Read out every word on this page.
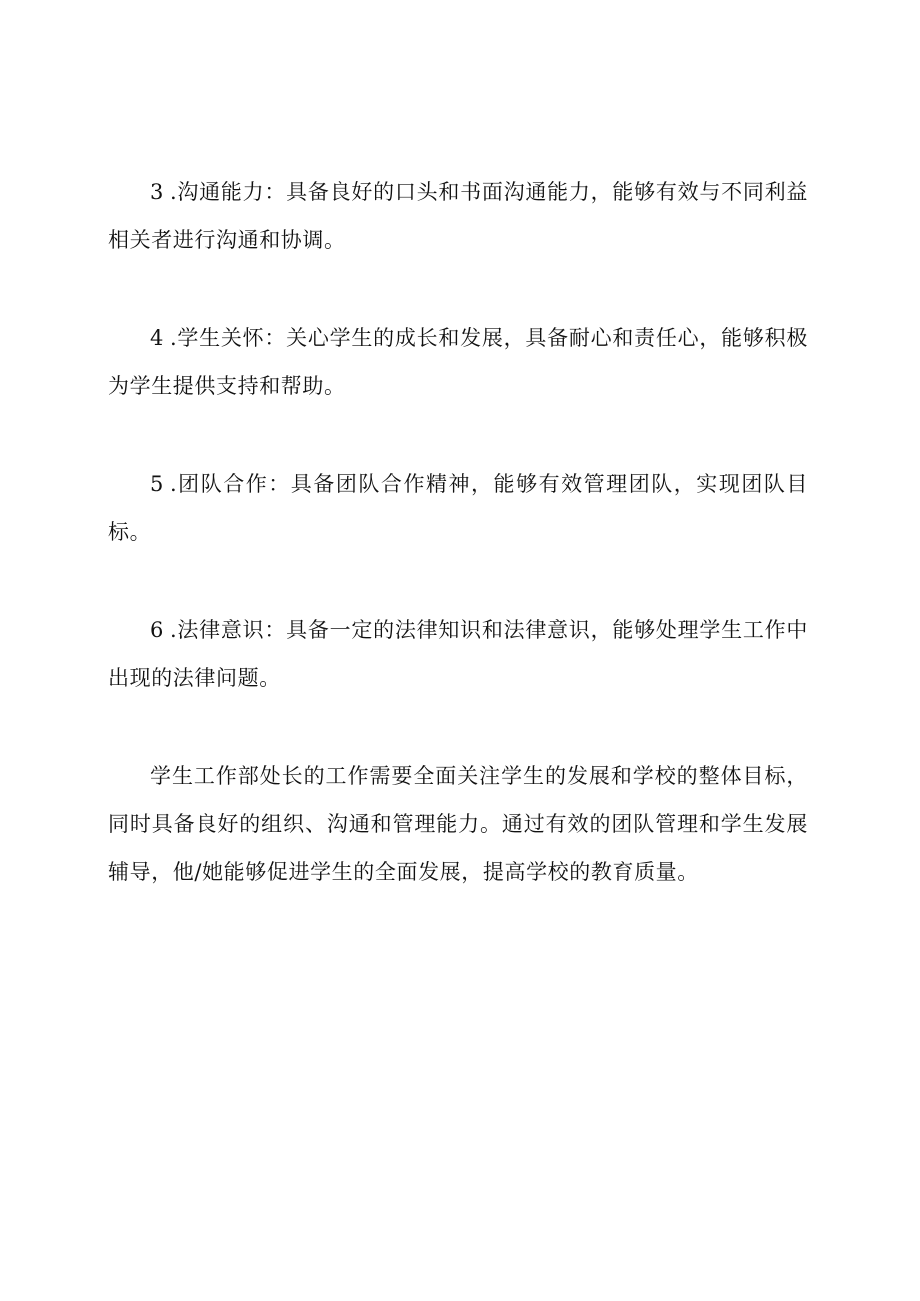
3 .沟通能力：具备良好的口头和书面沟通能力，能够有效与不同利益相关者进行沟通和协调。

4 .学生关怀：关心学生的成长和发展，具备耐心和责任心，能够积极为学生提供支持和帮助。

5 .团队合作：具备团队合作精神，能够有效管理团队，实现团队目标。

6 .法律意识：具备一定的法律知识和法律意识，能够处理学生工作中出现的法律问题。

学生工作部处长的工作需要全面关注学生的发展和学校的整体目标，同时具备良好的组织、沟通和管理能力。通过有效的团队管理和学生发展辅导，他/她能够促进学生的全面发展，提高学校的教育质量。
